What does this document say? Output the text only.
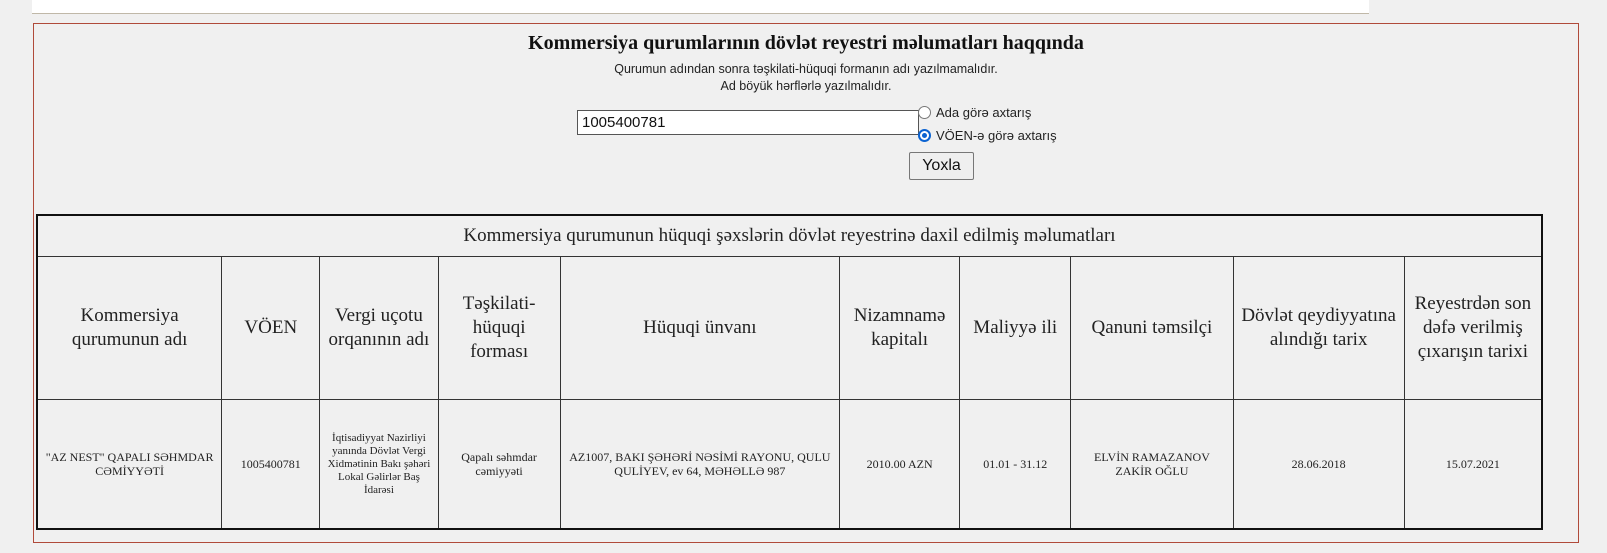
Kommersiya qurumlarının dövlət reyestri məlumatları haqqında
Qurumun adından sonra təşkilati-hüquqi formanın adı yazılmamalıdır.
Ad böyük hərflərlə yazılmalıdır.
1005400781
Ada görə axtarış
VÖEN-ə görə axtarış
Yoxla
Kommersiya qurumunun hüquqi şəxslərin dövlət reyestrinə daxil edilmiş məlumatları									
Kommersiya qurumunun adı	VÖEN	Vergi uçotu orqanının adı	Təşkilati-hüquqi forması	Hüquqi ünvanı	Nizamnamə kapitalı	Maliyyə ili	Qanuni təmsilçi	Dövlət qeydiyyatına alındığı tarix	Reyestrdən son dəfə verilmiş çıxarışın tarixi
"AZ NEST" QAPALI SƏHMDAR CƏMİYYƏTİ	1005400781	İqtisadiyyat Nazirliyi yanında Dövlət Vergi Xidmətinin Bakı şəhəri Lokal Gəlirlər Baş İdarəsi	Qapalı səhmdar cəmiyyəti	AZ1007, BAKI ŞƏHƏRİ NƏSİMİ RAYONU, QULU QULİYEV, ev 64, MƏHƏLLƏ 987	2010.00 AZN	01.01 - 31.12	ELVİN RAMAZANOV ZAKİR OĞLU	28.06.2018	15.07.2021
